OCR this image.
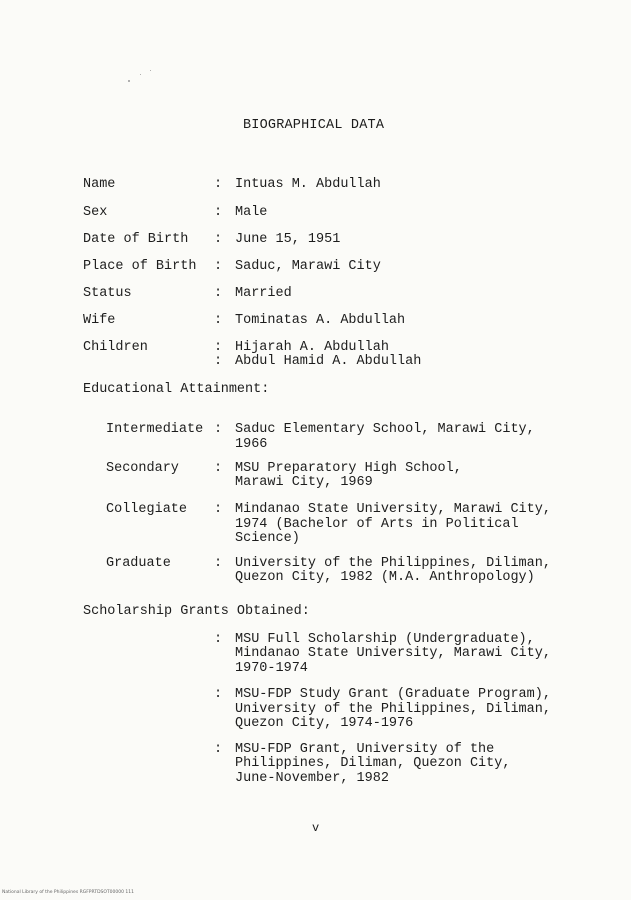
BIOGRAPHICAL DATA
Name	: Intuas M. Abdullah
Sex	: Male
Date of Birth : June 15, 1951
Place of Birth : Saduc, Marawi City
Status	: Married
Wife	: Tominatas A. Abdullah
Children	: Hijarah A. Abdullah
: Abdul Hamid A. Abdullah
Educational Attainment:
Intermediate : Saduc Elementary School, Marawi City,
1966
Secondary	: MSU Preparatory High School,
Marawi City, 1969
Collegiate : Mindanao State University, Marawi City,
1974 (Bachelor of Arts in Political
Science)
Graduate	: University of the Philippines, Diliman,
Quezon City, 1982 (M.A. Anthropology)
Scholarship Grants Obtained:
: MSU Full Scholarship (Undergraduate),
Mindanao State University, Marawi City,
1970-1974
: MSU-FDP Study Grant (Graduate Program),
University of the Philippines, Diliman,
Quezon City, 1974-1976
: MSU-FDP Grant, University of the
Philippines, Diliman, Quezon City,
June-November, 1982
v
National Library of the Philippines RGFPRTDSOT00000 111
